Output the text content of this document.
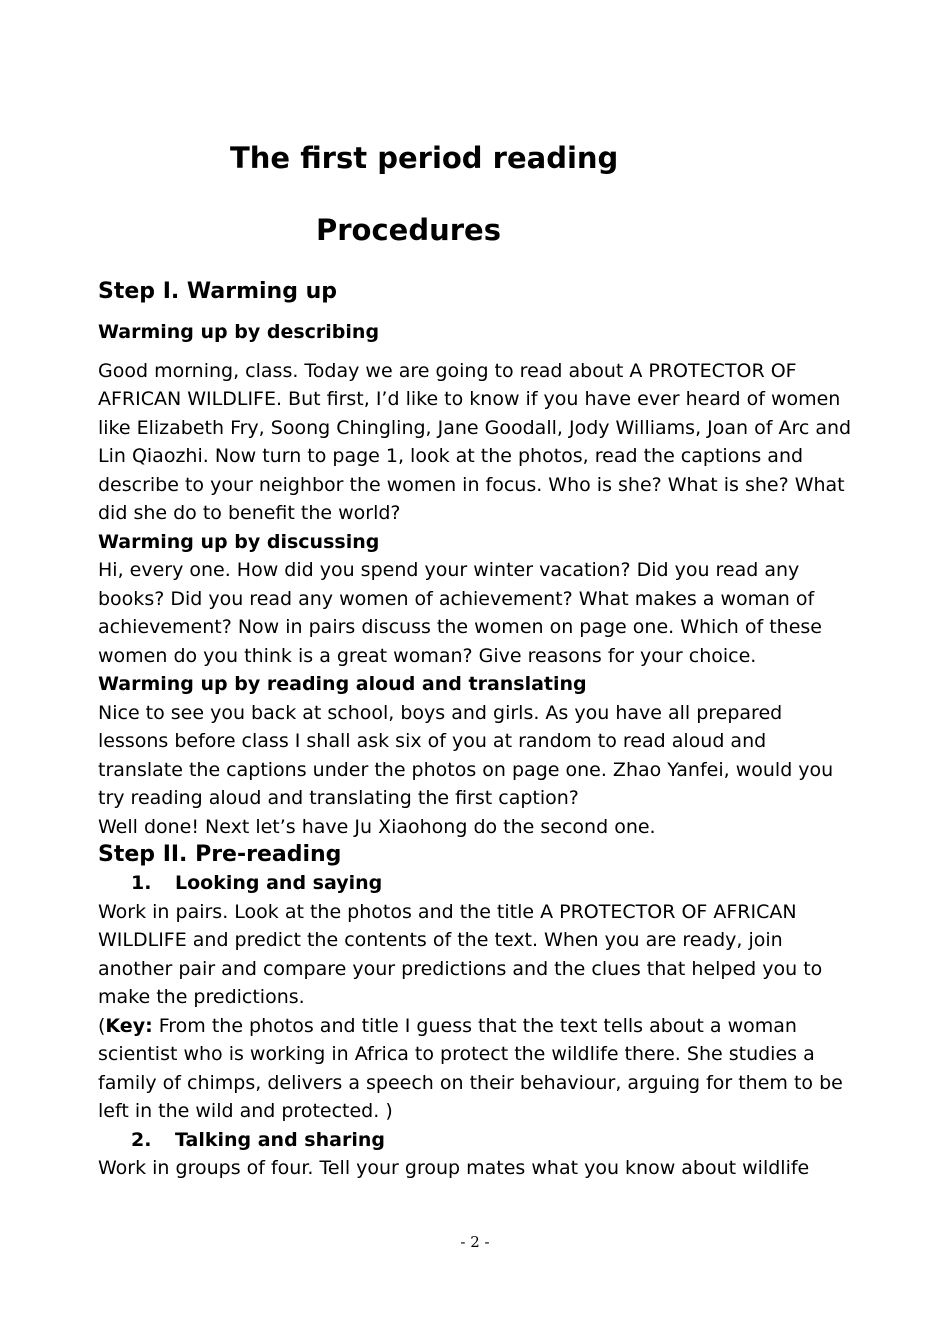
The first period reading
Procedures
Step I. Warming up
Warming up by describing

Good morning, class. Today we are going to read about A PROTECTOR OF AFRICAN WILDLIFE. But first, I’d like to know if you have ever heard of women like Elizabeth Fry, Soong Chingling, Jane Goodall, Jody Williams, Joan of Arc and Lin Qiaozhi. Now turn to page 1, look at the photos, read the captions and describe to your neighbor the women in focus. Who is she? What is she? What did she do to benefit the world?

Warming up by discussing

Hi, every one. How did you spend your winter vacation? Did you read any books? Did you read any women of achievement? What makes a woman of achievement? Now in pairs discuss the women on page one. Which of these women do you think is a great woman? Give reasons for your choice.

Warming up by reading aloud and translating

Nice to see you back at school, boys and girls. As you have all prepared lessons before class I shall ask six of you at random to read aloud and translate the captions under the photos on page one. Zhao Yanfei, would you try reading aloud and translating the first caption?

Well done! Next let’s have Ju Xiaohong do the second one.

Step II. Pre-reading
1.	Looking and saying

Work in pairs. Look at the photos and the title A PROTECTOR OF AFRICAN WILDLIFE and predict the contents of the text. When you are ready, join another pair and compare your predictions and the clues that helped you to make the predictions.

(Key: From the photos and title I guess that the text tells about a woman scientist who is working in Africa to protect the wildlife there. She studies a family of chimps, delivers a speech on their behaviour, arguing for them to be left in the wild and protected. )

2.	Talking and sharing

Work in groups of four. Tell your group mates what you know about wildlife

- 2 -
